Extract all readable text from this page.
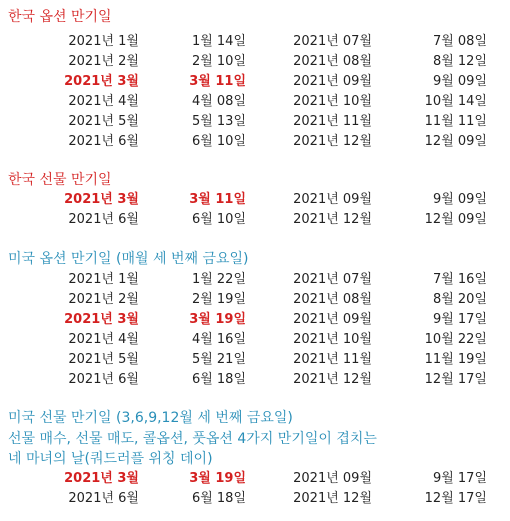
한국 옵션 만기일
2021년 1월	1월 14일	2021년 07월	7월 08일
2021년 2월	2월 10일	2021년 08월	8월 12일
2021년 3월	3월 11일	2021년 09월	9월 09일
2021년 4월	4월 08일	2021년 10월	10월 14일
2021년 5월	5월 13일	2021년 11월	11월 11일
2021년 6월	6월 10일	2021년 12월	12월 09일
한국 선물 만기일
2021년 3월	3월 11일	2021년 09월	9월 09일
2021년 6월	6월 10일	2021년 12월	12월 09일
미국 옵션 만기일 (매월 세 번째 금요일)
2021년 1월	1월 22일	2021년 07월	7월 16일
2021년 2월	2월 19일	2021년 08월	8월 20일
2021년 3월	3월 19일	2021년 09월	9월 17일
2021년 4월	4월 16일	2021년 10월	10월 22일
2021년 5월	5월 21일	2021년 11월	11월 19일
2021년 6월	6월 18일	2021년 12월	12월 17일
미국 선물 만기일 (3,6,9,12월 세 번째 금요일)
선물 매수, 선물 매도, 콜옵션, 풋옵션 4가지 만기일이 겹치는
네 마녀의 날(쿼드러플 위칭 데이)
2021년 3월	3월 19일	2021년 09월	9월 17일
2021년 6월	6월 18일	2021년 12월	12월 17일
